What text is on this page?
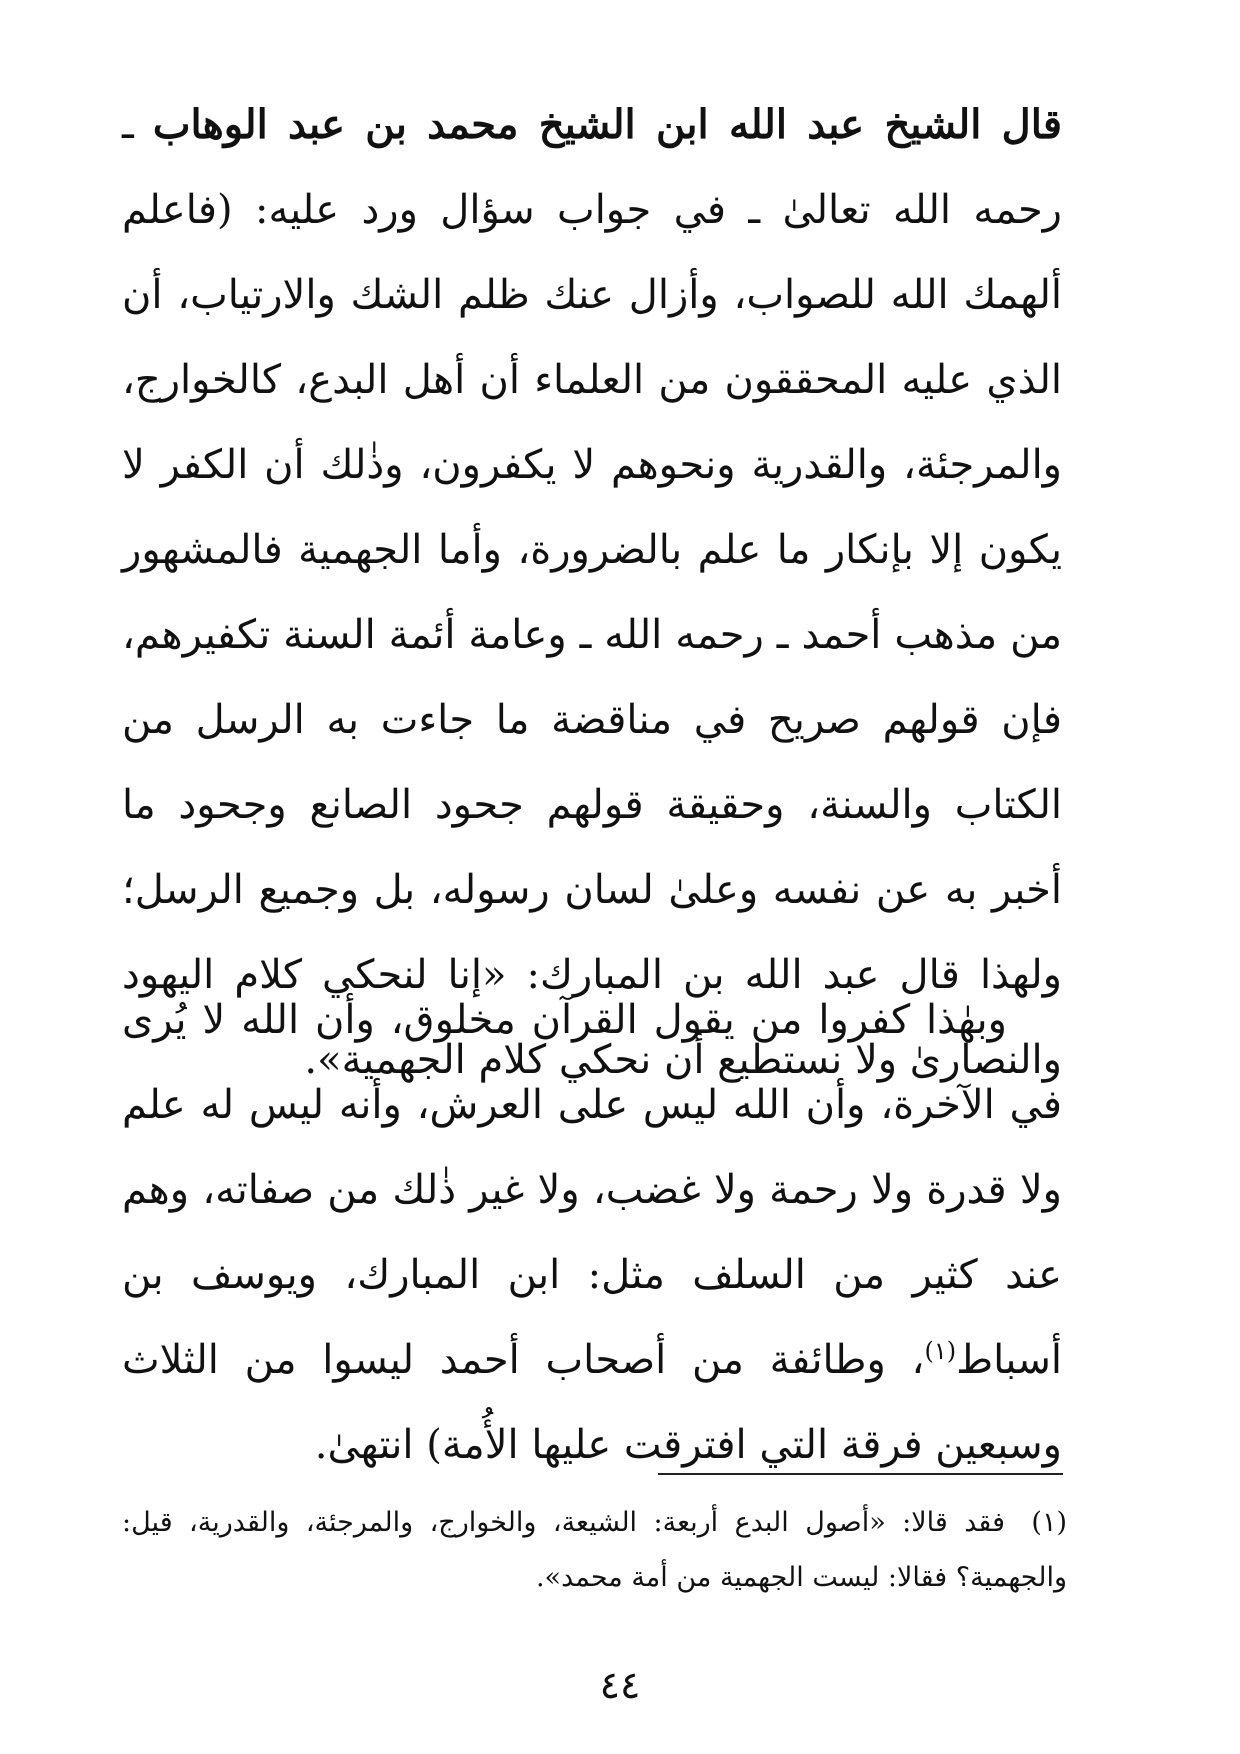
قال الشيخ عبد الله ابن الشيخ محمد بن عبد الوهاب ـ رحمه الله تعالىٰ ـ في جواب سؤال ورد عليه: (فاعلم ألهمك الله للصواب، وأزال عنك ظلم الشك والارتياب، أن الذي عليه المحققون من العلماء أن أهل البدع، كالخوارج، والمرجئة، والقدرية ونحوهم لا يكفرون، وذٰلك أن الكفر لا يكون إلا بإنكار ما علم بالضرورة، وأما الجهمية فالمشهور من مذهب أحمد ـ رحمه الله ـ وعامة أئمة السنة تكفيرهم، فإن قولهم صريح في مناقضة ما جاءت به الرسل من الكتاب والسنة، وحقيقة قولهم جحود الصانع وجحود ما أخبر به عن نفسه وعلىٰ لسان رسوله، بل وجميع الرسل؛ ولهذا قال عبد الله بن المبارك: «إنا لنحكي كلام اليهود والنصارىٰ ولا نستطيع أن نحكي كلام الجهمية».
وبهٰذا كفروا من يقول القرآن مخلوق، وأن الله لا يُرى في الآخرة، وأن الله ليس على العرش، وأنه ليس له علم ولا قدرة ولا رحمة ولا غضب، ولا غير ذٰلك من صفاته، وهم عند كثير من السلف مثل: ابن المبارك، ويوسف بن أسباط$^{(١)}$، وطائفة من أصحاب أحمد ليسوا من الثلاث وسبعين فرقة التي افترقت عليها الأُمة) انتهىٰ.
(١)فقد قالا: «أصول البدع أربعة: الشيعة، والخوارج، والمرجئة، والقدرية، قيل: والجهمية؟ فقالا: ليست الجهمية من أمة محمد».
٤٤
